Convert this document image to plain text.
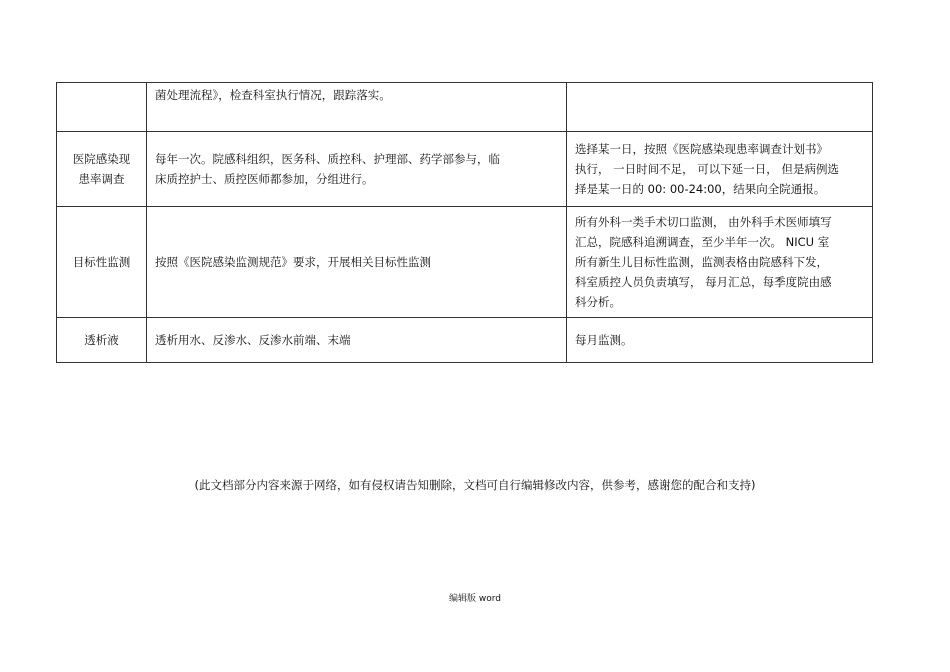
	菌处理流程》，检查科室执行情况，跟踪落实。	

医院感染现
患率调查	每年一次。院感科组织，医务科、质控科、护理部、药学部参与，临
床质控护士、质控医师都参加，分组进行。	选择某一日，按照《医院感染现患率调查计划书》
执行， 一日时间不足， 可以下延一日， 但是病例选
择是某一日的 00: 00-24:00，结果向全院通报。

目标性监测	按照《医院感染监测规范》要求，开展相关目标性监测	所有外科一类手术切口监测， 由外科手术医师填写
汇总，院感科追溯调查，至少半年一次。 NICU 室
所有新生儿目标性监测，监测表格由院感科下发，
科室质控人员负责填写， 每月汇总，每季度院由感
科分析。

透析液	透析用水、反渗水、反渗水前端、末端	每月监测。
(此文档部分内容来源于网络，如有侵权请告知删除，文档可自行编辑修改内容，供参考，感谢您的配合和支持)
编辑版 word
